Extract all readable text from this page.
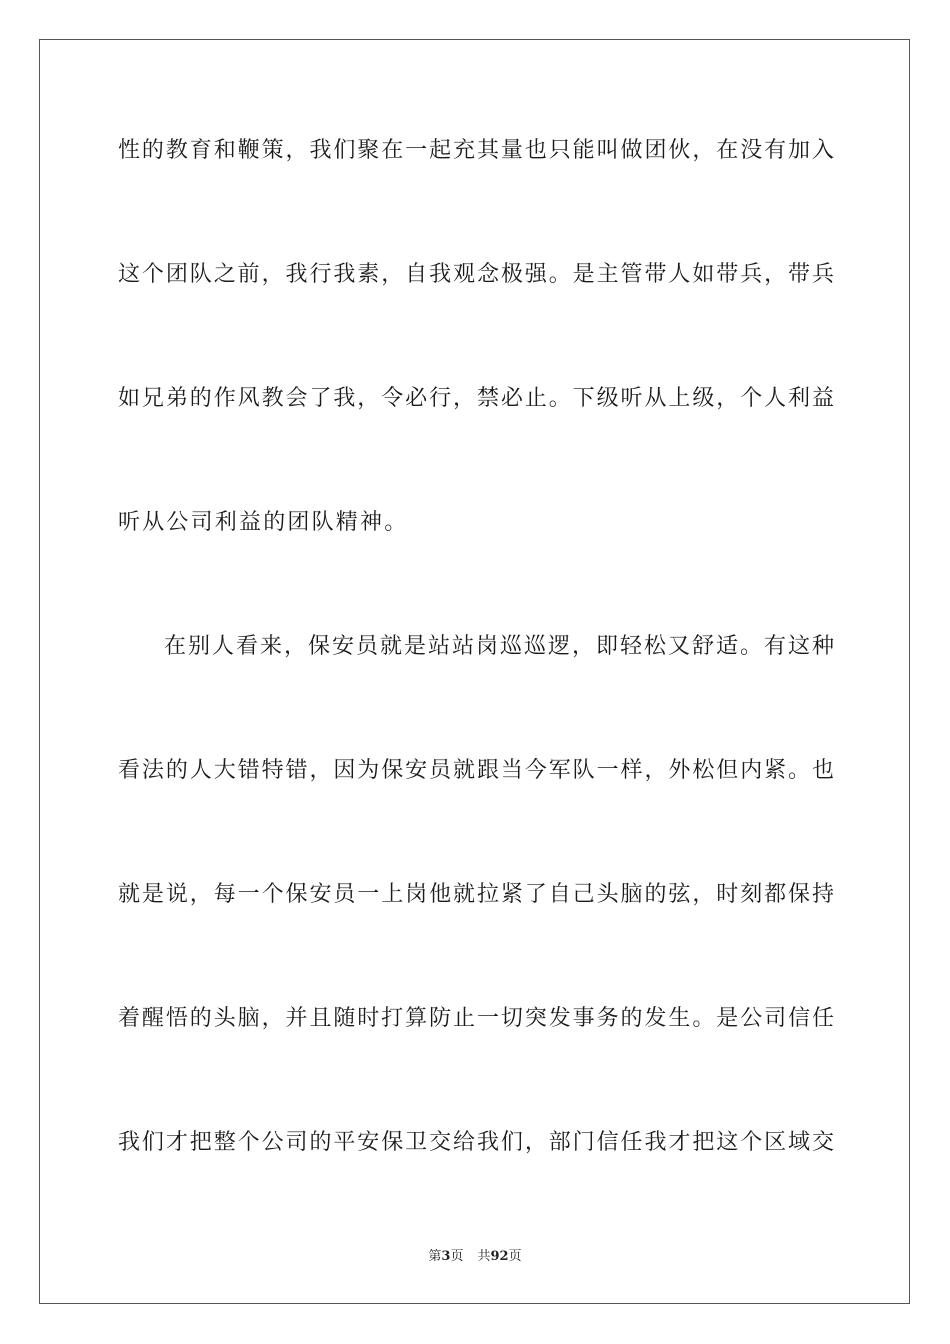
性的教育和鞭策，我们聚在一起充其量也只能叫做团伙，在没有加入
这个团队之前，我行我素，自我观念极强。是主管带人如带兵，带兵
如兄弟的作风教会了我，令必行，禁必止。下级听从上级，个人利益
听从公司利益的团队精神。
在别人看来，保安员就是站站岗巡巡逻，即轻松又舒适。有这种
看法的人大错特错，因为保安员就跟当今军队一样，外松但内紧。也
就是说，每一个保安员一上岗他就拉紧了自己头脑的弦，时刻都保持
着醒悟的头脑，并且随时打算防止一切突发事务的发生。是公司信任
我们才把整个公司的平安保卫交给我们，部门信任我才把这个区域交
第3页 共92页
